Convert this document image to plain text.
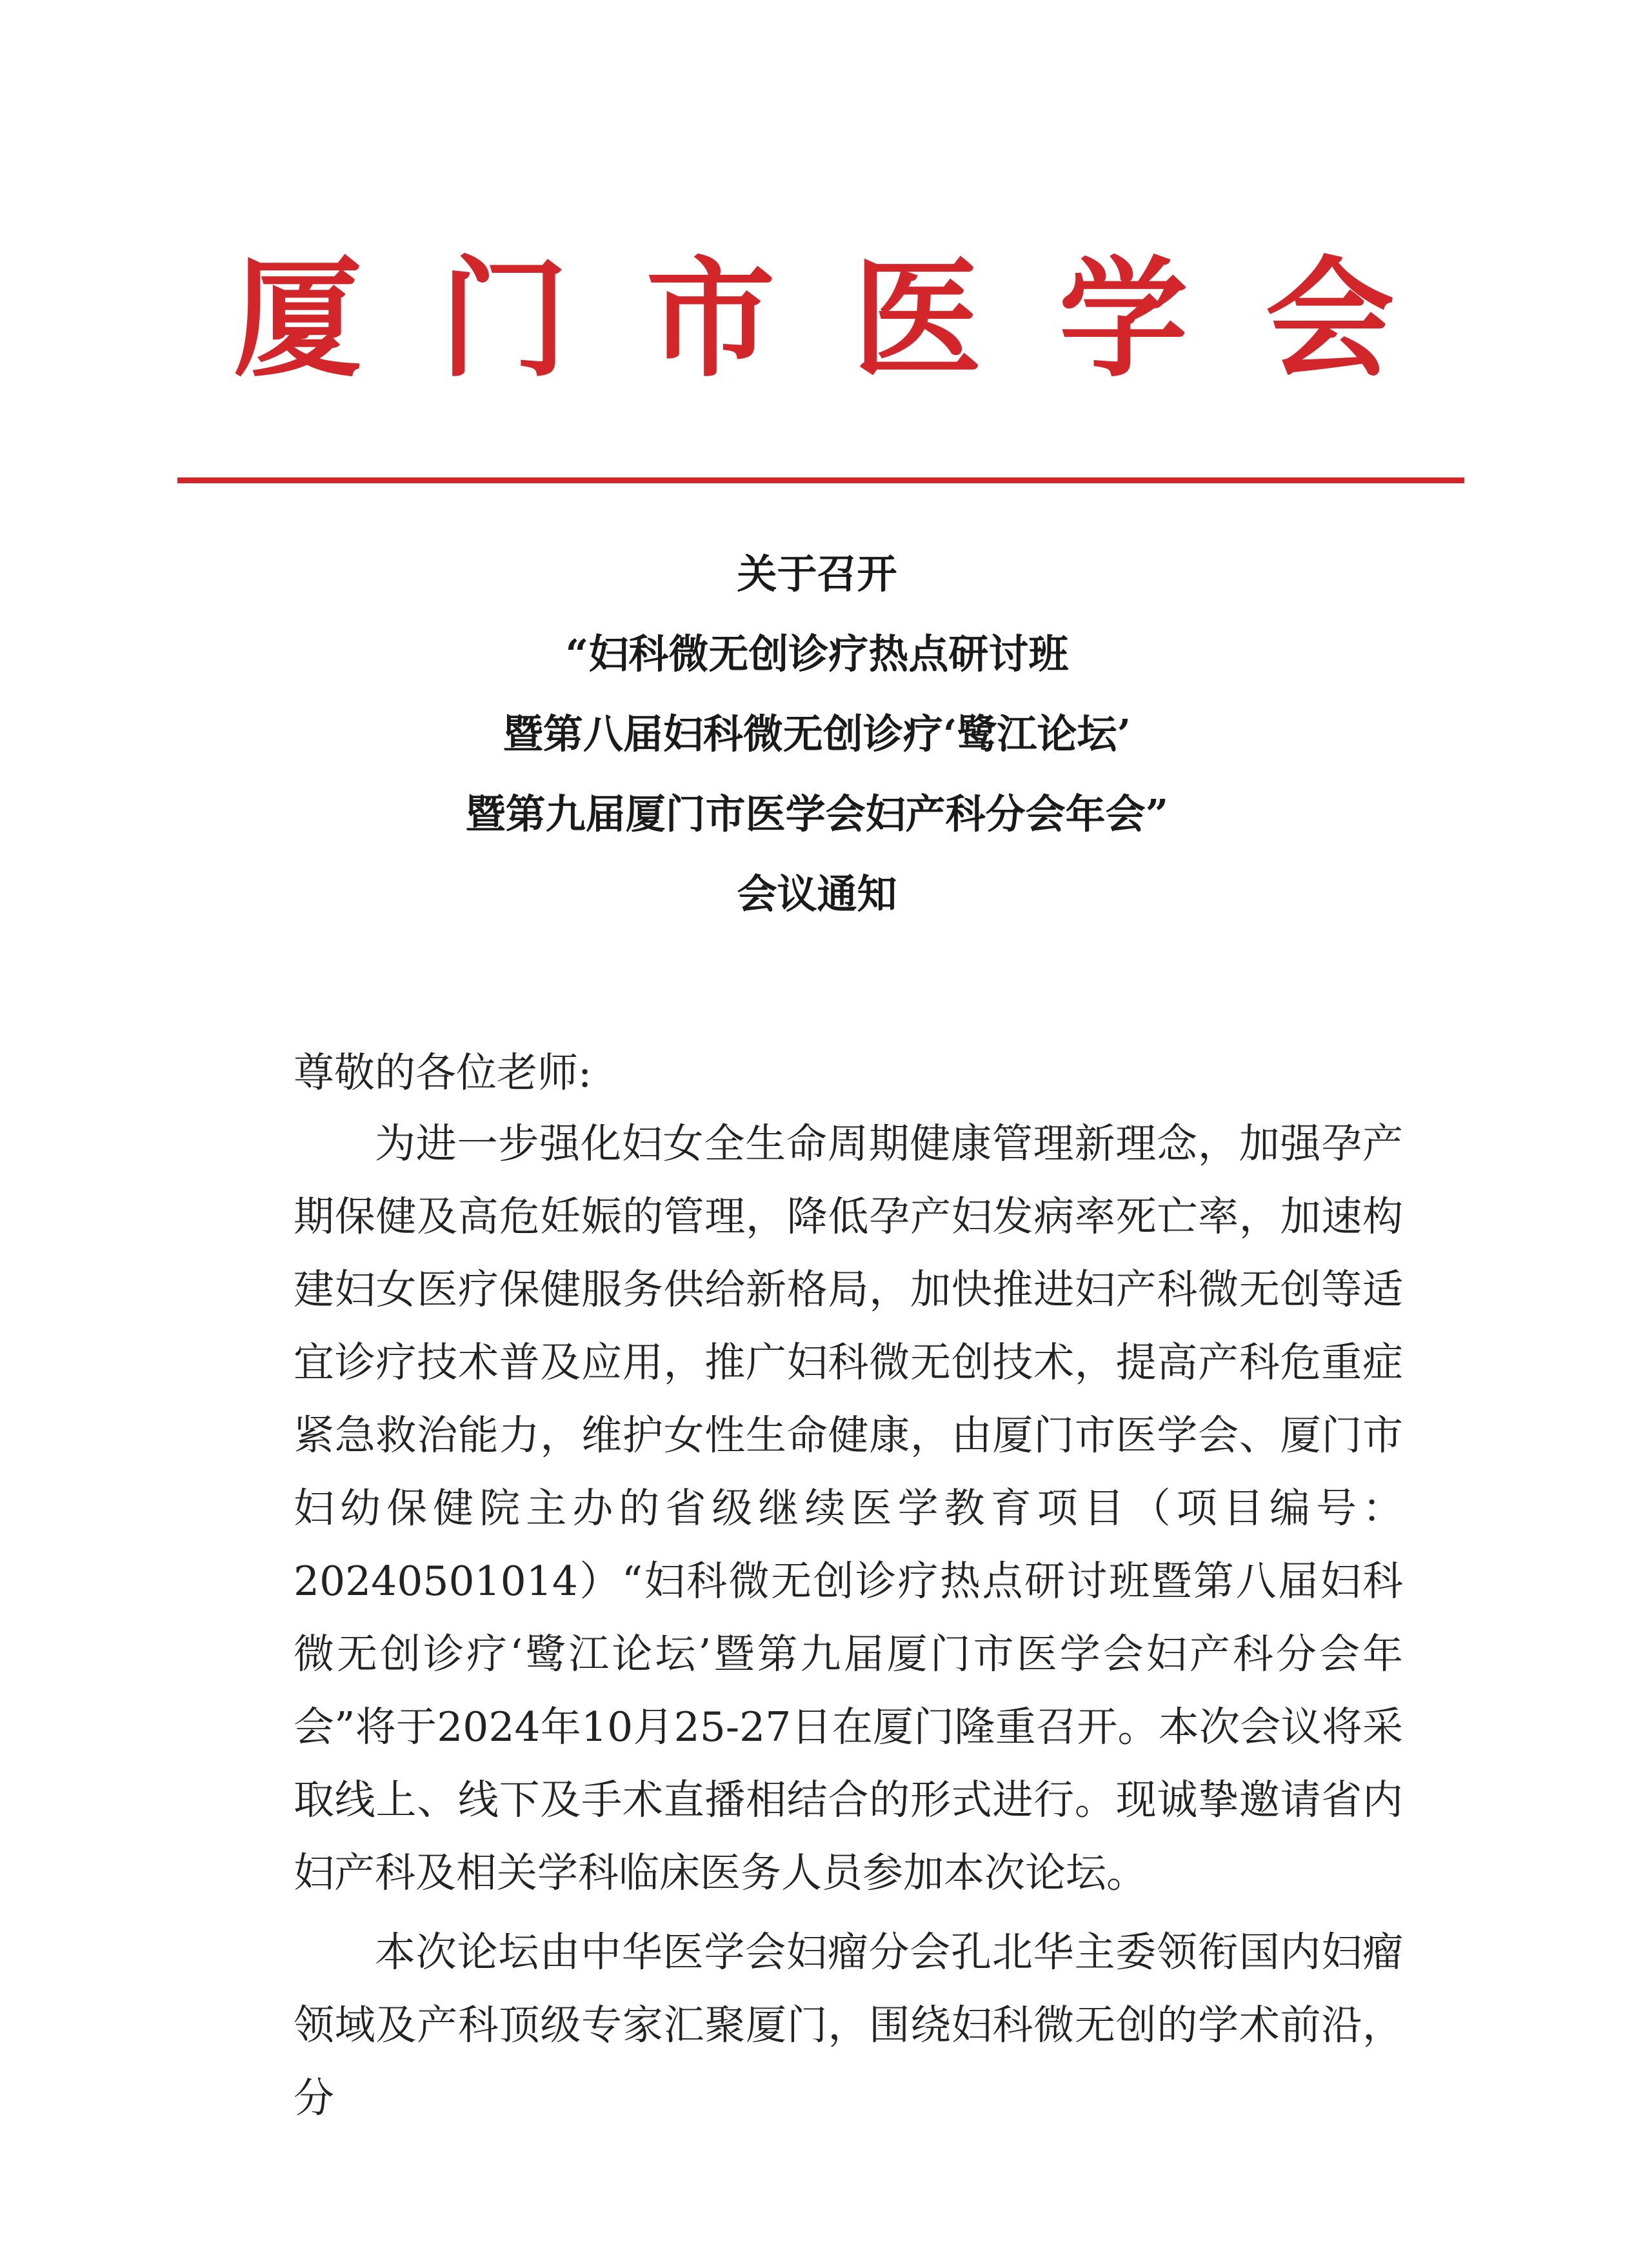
厦门市医学会
关于召开
“妇科微无创诊疗热点研讨班
暨第八届妇科微无创诊疗‘鹭江论坛’
暨第九届厦门市医学会妇产科分会年会”
会议通知

尊敬的各位老师:

为进一步强化妇女全生命周期健康管理新理念，加强孕产期保健及高危妊娠的管理，降低孕产妇发病率死亡率，加速构建妇女医疗保健服务供给新格局，加快推进妇产科微无创等适宜诊疗技术普及应用，推广妇科微无创技术，提高产科危重症紧急救治能力，维护女性生命健康，由厦门市医学会、厦门市妇幼保健院主办的省级继续医学教育项目（项目编号：20240501014）“妇科微无创诊疗热点研讨班暨第八届妇科微无创诊疗‘鹭江论坛’暨第九届厦门市医学会妇产科分会年会”将于2024年10月25-27日在厦门隆重召开。本次会议将采取线上、线下及手术直播相结合的形式进行。现诚挚邀请省内妇产科及相关学科临床医务人员参加本次论坛。

本次论坛由中华医学会妇瘤分会孔北华主委领衔国内妇瘤领域及产科顶级专家汇聚厦门，围绕妇科微无创的学术前沿，分
